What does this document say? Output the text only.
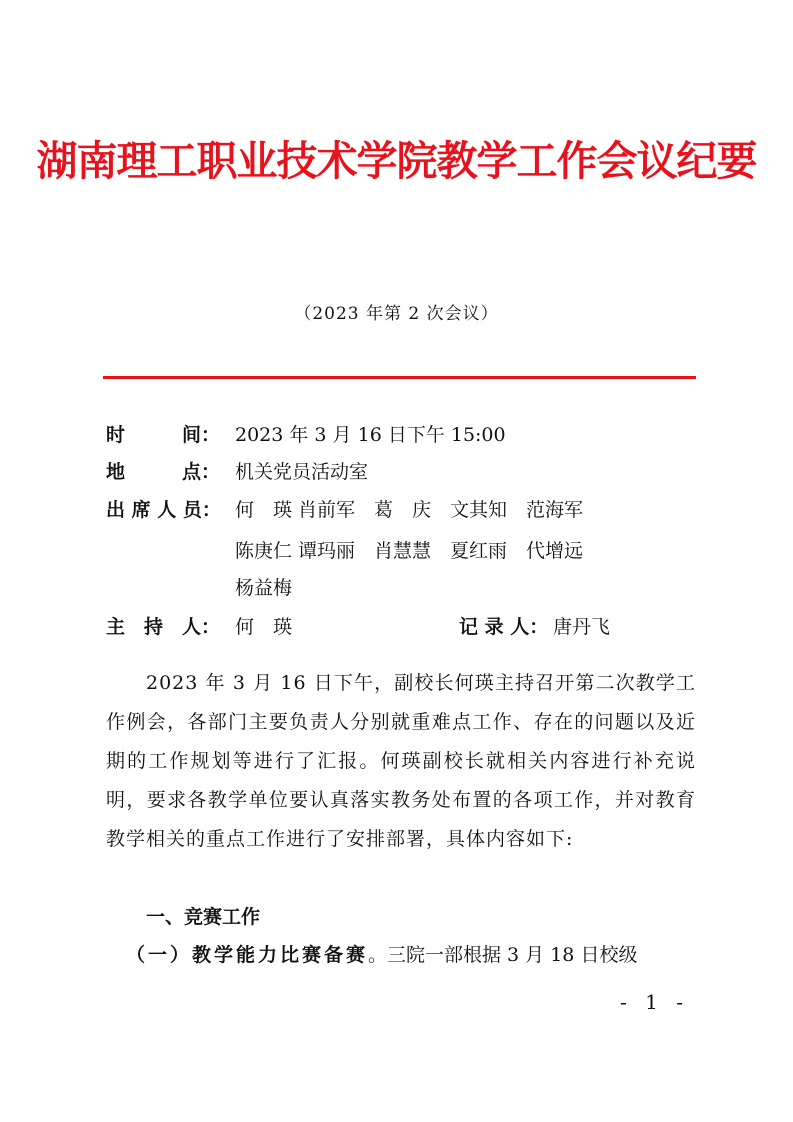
湖南理工职业技术学院教学工作会议纪要
（2023 年第 2 次会议）
时　　　间： 2023 年 3 月 16 日下午 15:00
地　　　点： 机关党员活动室
出 席 人 员： 何　瑛 肖前军　葛　庆　文其知　范海军
陈庚仁 谭玛丽　肖慧慧　夏红雨　代增远
杨益梅
主　持　人： 何　瑛	记 录 人： 唐丹飞
2023 年 3 月 16 日下午，副校长何瑛主持召开第二次教学工作例会，各部门主要负责人分别就重难点工作、存在的问题以及近期的工作规划等进行了汇报。何瑛副校长就相关内容进行补充说明，要求各教学单位要认真落实教务处布置的各项工作，并对教育教学相关的重点工作进行了安排部署，具体内容如下:
一、竞赛工作
（一）教学能力比赛备赛。三院一部根据 3 月 18 日校级
- 1 -
